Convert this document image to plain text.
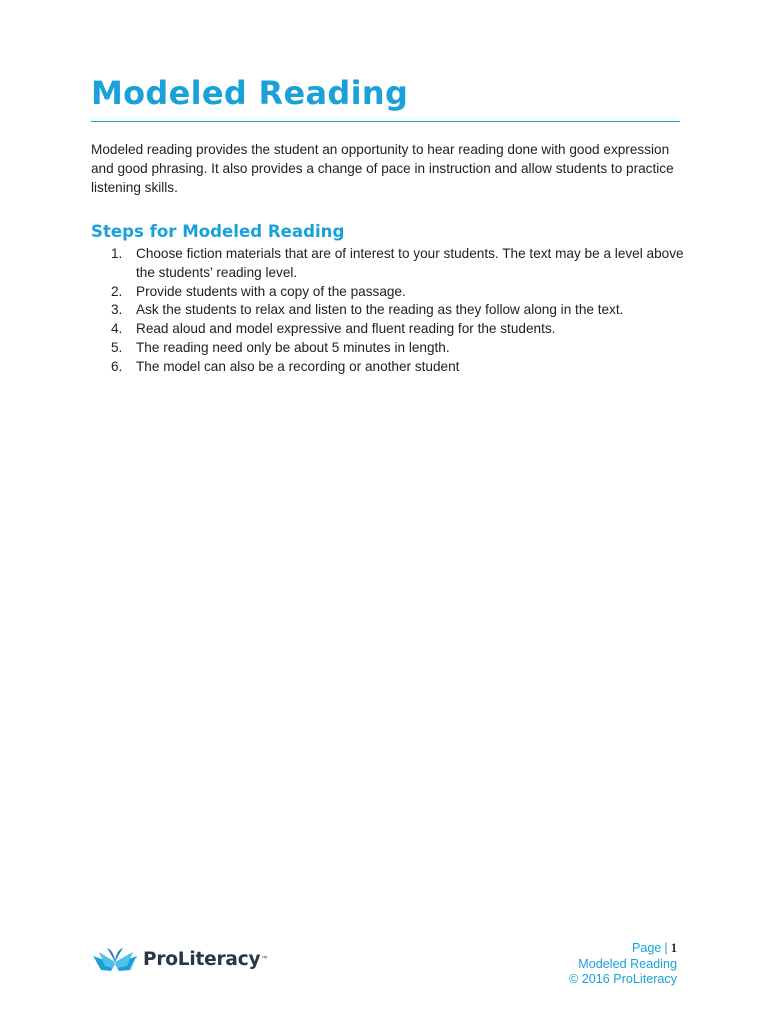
Modeled Reading

Modeled reading provides the student an opportunity to hear reading done with good expression and good phrasing. It also provides a change of pace in instruction and allow students to practice listening skills.

Steps for Modeled Reading
1. Choose fiction materials that are of interest to your students. The text may be a level above the students’ reading level.
2. Provide students with a copy of the passage.
3. Ask the students to relax and listen to the reading as they follow along in the text.
4. Read aloud and model expressive and fluent reading for the students.
5. The reading need only be about 5 minutes in length.
6. The model can also be a recording or another student
ProLiteracy ™
Page | 1
Modeled Reading
© 2016 ProLiteracy
